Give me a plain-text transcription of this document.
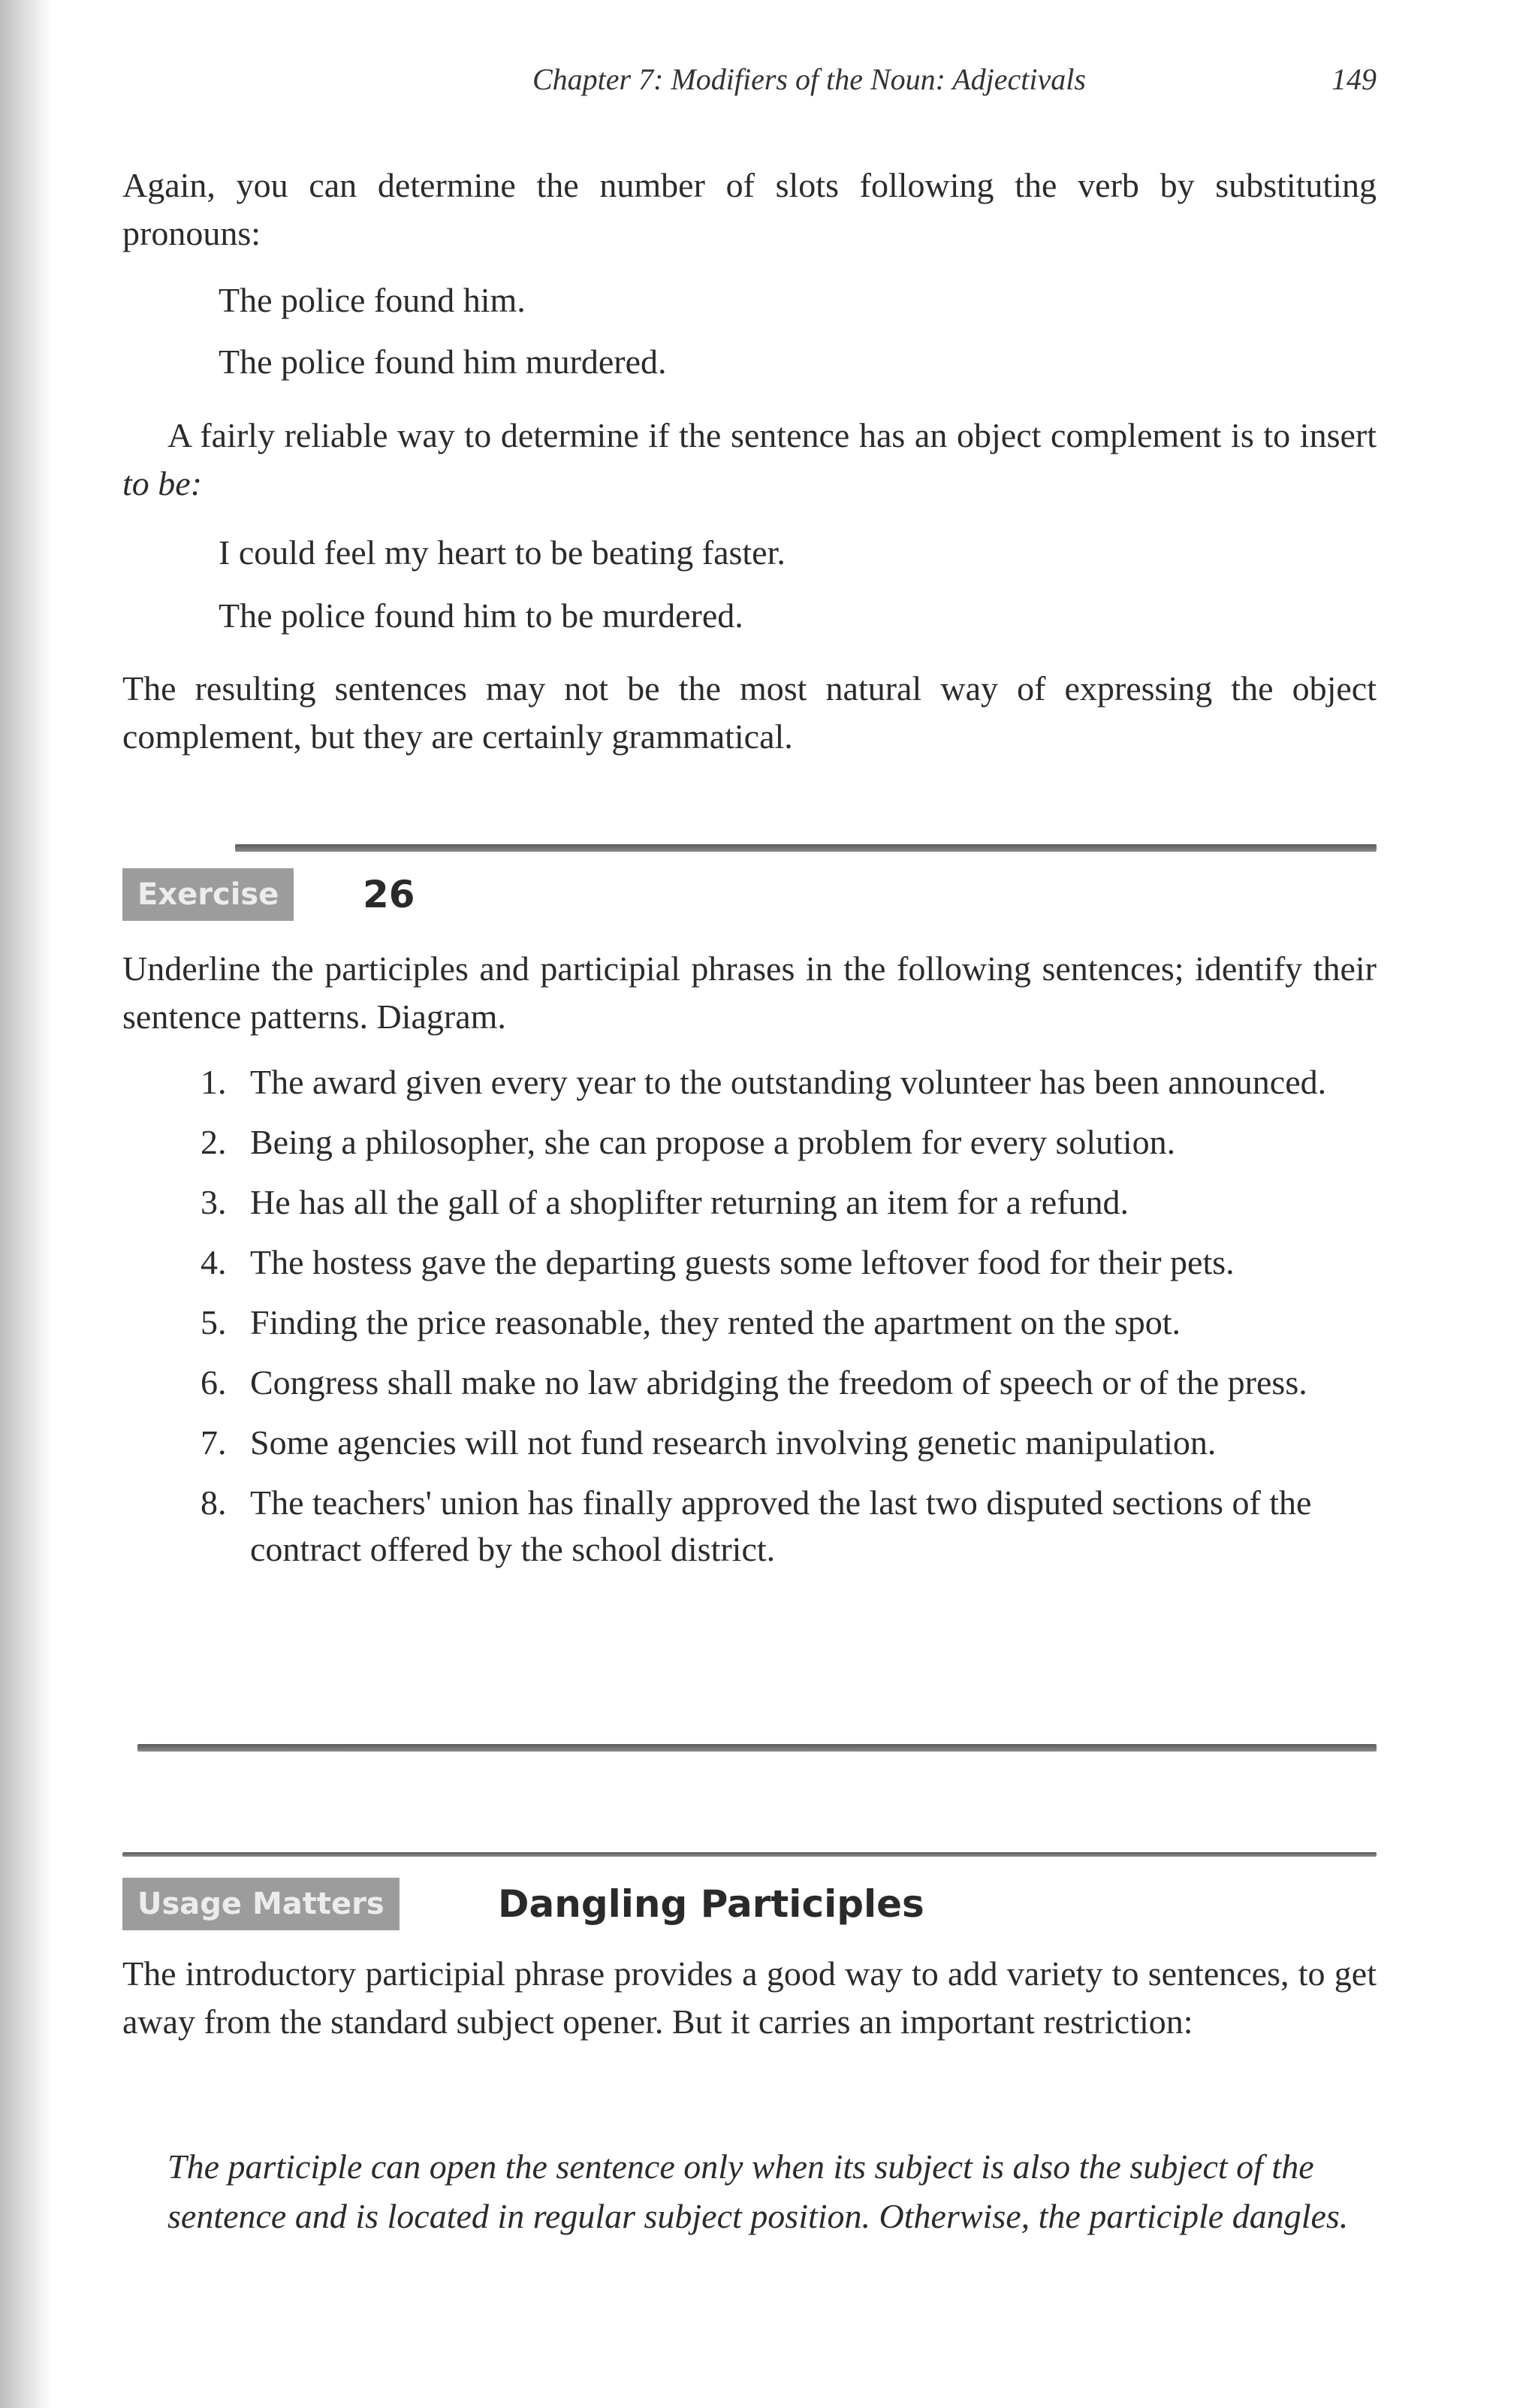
Chapter 7: Modifiers of the Noun: Adjectivals	149
Again, you can determine the number of slots following the verb by substituting pronouns:
The police found him.
The police found him murdered.
A fairly reliable way to determine if the sentence has an object complement is to insert to be:
I could feel my heart to be beating faster.
The police found him to be murdered.
The resulting sentences may not be the most natural way of expressing the object complement, but they are certainly grammatical.
Exercise	26
Underline the participles and participial phrases in the following sentences; identify their sentence patterns. Diagram.
1. The award given every year to the outstanding volunteer has been announced.
2. Being a philosopher, she can propose a problem for every solution.
3. He has all the gall of a shoplifter returning an item for a refund.
4. The hostess gave the departing guests some leftover food for their pets.
5. Finding the price reasonable, they rented the apartment on the spot.
6. Congress shall make no law abridging the freedom of speech or of the press.
7. Some agencies will not fund research involving genetic manipulation.
8. The teachers' union has finally approved the last two disputed sections of the contract offered by the school district.
Usage Matters	Dangling Participles
The introductory participial phrase provides a good way to add variety to sentences, to get away from the standard subject opener. But it carries an important restriction:
The participle can open the sentence only when its subject is also the subject of the sentence and is located in regular subject position. Otherwise, the participle dangles.
